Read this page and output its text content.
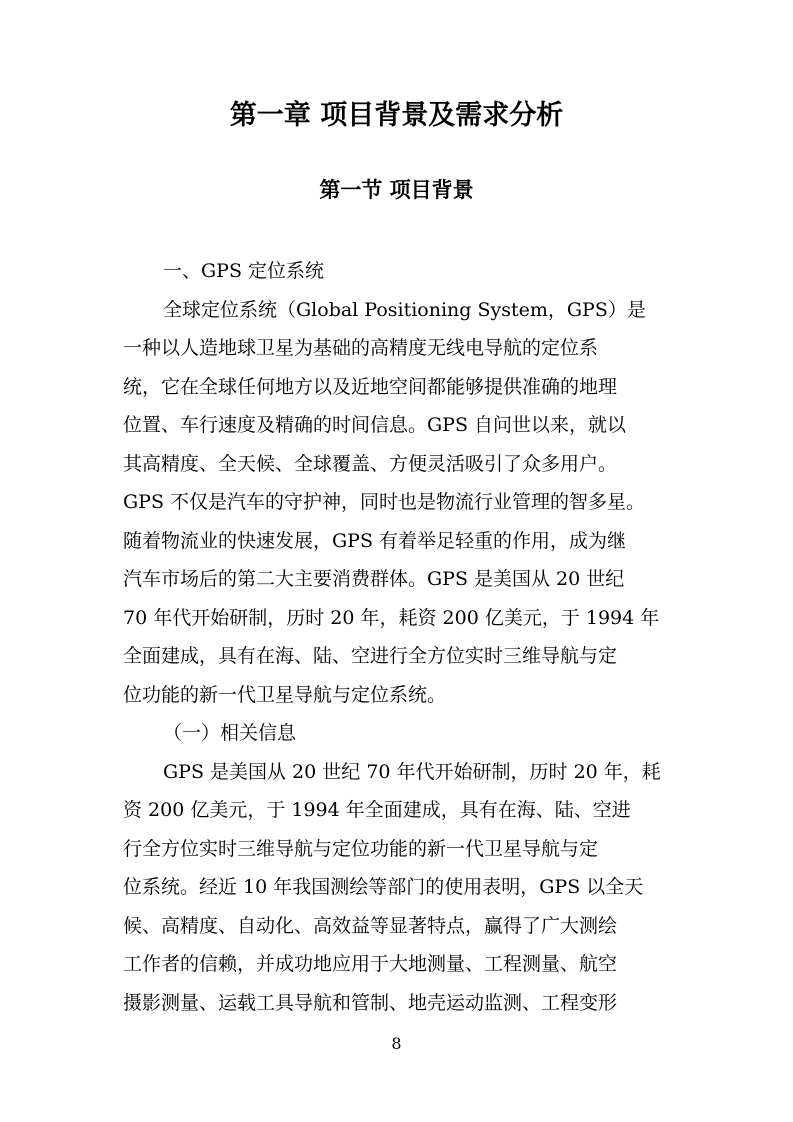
第一章 项目背景及需求分析
第一节 项目背景
一、GPS 定位系统
全球定位系统（Global Positioning System，GPS）是
一种以人造地球卫星为基础的高精度无线电导航的定位系
统，它在全球任何地方以及近地空间都能够提供准确的地理
位置、车行速度及精确的时间信息。GPS 自问世以来，就以
其高精度、全天候、全球覆盖、方便灵活吸引了众多用户。
GPS 不仅是汽车的守护神，同时也是物流行业管理的智多星。
随着物流业的快速发展，GPS 有着举足轻重的作用，成为继
汽车市场后的第二大主要消费群体。GPS 是美国从 20 世纪
70 年代开始研制，历时 20 年，耗资 200 亿美元，于 1994 年
全面建成，具有在海、陆、空进行全方位实时三维导航与定
位功能的新一代卫星导航与定位系统。
（一）相关信息
GPS 是美国从 20 世纪 70 年代开始研制，历时 20 年，耗
资 200 亿美元，于 1994 年全面建成，具有在海、陆、空进
行全方位实时三维导航与定位功能的新一代卫星导航与定
位系统。经近 10 年我国测绘等部门的使用表明，GPS 以全天
候、高精度、自动化、高效益等显著特点，赢得了广大测绘
工作者的信赖，并成功地应用于大地测量、工程测量、航空
摄影测量、运载工具导航和管制、地壳运动监测、工程变形
8
